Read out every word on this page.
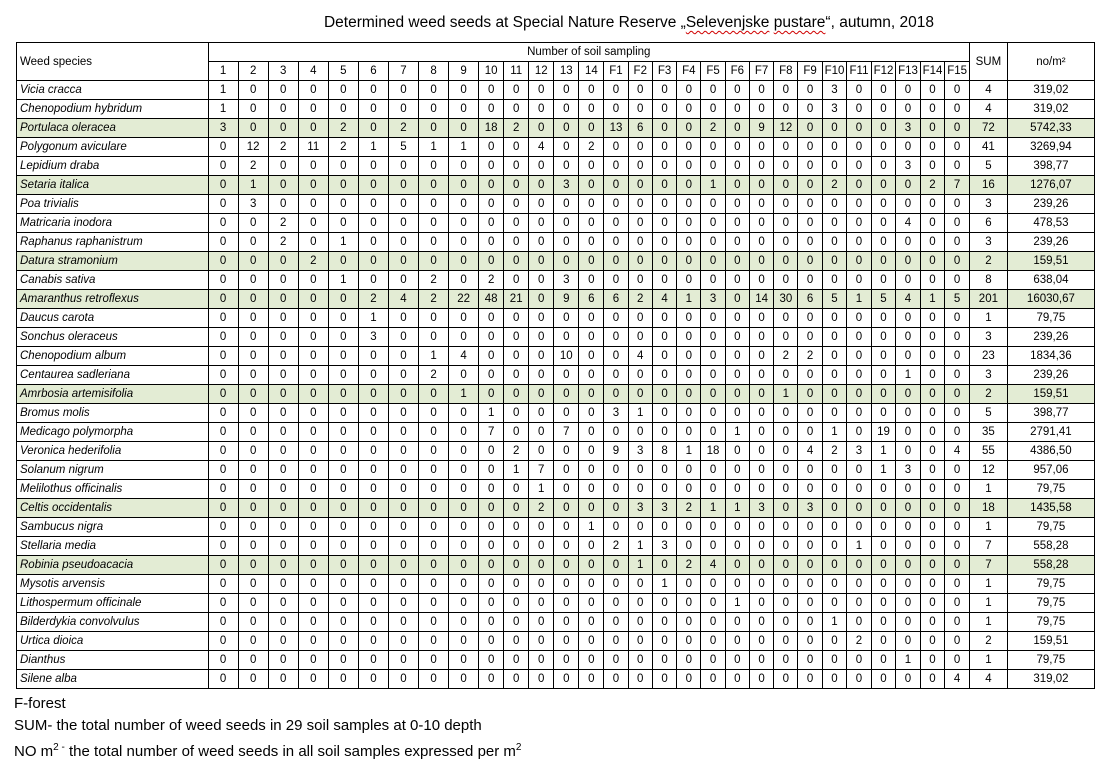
Determined weed seeds at Special Nature Reserve „Selevenjske pustare“, autumn, 2018
Weed species	Number of soil sampling																													SUM	no/m²
	1	2	3	4	5	6	7	8	9	10	11	12	13	14	F1	F2	F3	F4	F5	F6	F7	F8	F9	F10	F11	F12	F13	F14	F15		
Vicia cracca	1	0	0	0	0	0	0	0	0	0	0	0	0	0	0	0	0	0	0	0	0	0	0	3	0	0	0	0	0	4	319,02
Chenopodium hybridum	1	0	0	0	0	0	0	0	0	0	0	0	0	0	0	0	0	0	0	0	0	0	0	3	0	0	0	0	0	4	319,02
Portulaca oleracea	3	0	0	0	2	0	2	0	0	18	2	0	0	0	13	6	0	0	2	0	9	12	0	0	0	0	3	0	0	72	5742,33
Polygonum aviculare	0	12	2	11	2	1	5	1	1	0	0	4	0	2	0	0	0	0	0	0	0	0	0	0	0	0	0	0	0	41	3269,94
Lepidium draba	0	2	0	0	0	0	0	0	0	0	0	0	0	0	0	0	0	0	0	0	0	0	0	0	0	0	3	0	0	5	398,77
Setaria italica	0	1	0	0	0	0	0	0	0	0	0	0	3	0	0	0	0	0	1	0	0	0	0	2	0	0	0	2	7	16	1276,07
Poa trivialis	0	3	0	0	0	0	0	0	0	0	0	0	0	0	0	0	0	0	0	0	0	0	0	0	0	0	0	0	0	3	239,26
Matricaria inodora	0	0	2	0	0	0	0	0	0	0	0	0	0	0	0	0	0	0	0	0	0	0	0	0	0	0	4	0	0	6	478,53
Raphanus raphanistrum	0	0	2	0	1	0	0	0	0	0	0	0	0	0	0	0	0	0	0	0	0	0	0	0	0	0	0	0	0	3	239,26
Datura stramonium	0	0	0	2	0	0	0	0	0	0	0	0	0	0	0	0	0	0	0	0	0	0	0	0	0	0	0	0	0	2	159,51
Canabis sativa	0	0	0	0	1	0	0	2	0	2	0	0	3	0	0	0	0	0	0	0	0	0	0	0	0	0	0	0	0	8	638,04
Amaranthus retroflexus	0	0	0	0	0	2	4	2	22	48	21	0	9	6	6	2	4	1	3	0	14	30	6	5	1	5	4	1	5	201	16030,67
Daucus carota	0	0	0	0	0	1	0	0	0	0	0	0	0	0	0	0	0	0	0	0	0	0	0	0	0	0	0	0	0	1	79,75
Sonchus oleraceus	0	0	0	0	0	3	0	0	0	0	0	0	0	0	0	0	0	0	0	0	0	0	0	0	0	0	0	0	0	3	239,26
Chenopodium album	0	0	0	0	0	0	0	1	4	0	0	0	10	0	0	4	0	0	0	0	0	2	2	0	0	0	0	0	0	23	1834,36
Centaurea sadleriana	0	0	0	0	0	0	0	2	0	0	0	0	0	0	0	0	0	0	0	0	0	0	0	0	0	0	1	0	0	3	239,26
Amrbosia artemisifolia	0	0	0	0	0	0	0	0	1	0	0	0	0	0	0	0	0	0	0	0	0	1	0	0	0	0	0	0	0	2	159,51
Bromus molis	0	0	0	0	0	0	0	0	0	1	0	0	0	0	3	1	0	0	0	0	0	0	0	0	0	0	0	0	0	5	398,77
Medicago polymorpha	0	0	0	0	0	0	0	0	0	7	0	0	7	0	0	0	0	0	0	1	0	0	0	1	0	19	0	0	0	35	2791,41
Veronica hederifolia	0	0	0	0	0	0	0	0	0	0	2	0	0	0	9	3	8	1	18	0	0	0	4	2	3	1	0	0	4	55	4386,50
Solanum nigrum	0	0	0	0	0	0	0	0	0	0	1	7	0	0	0	0	0	0	0	0	0	0	0	0	0	1	3	0	0	12	957,06
Melilothus officinalis	0	0	0	0	0	0	0	0	0	0	0	1	0	0	0	0	0	0	0	0	0	0	0	0	0	0	0	0	0	1	79,75
Celtis occidentalis	0	0	0	0	0	0	0	0	0	0	0	2	0	0	0	3	3	2	1	1	3	0	3	0	0	0	0	0	0	18	1435,58
Sambucus nigra	0	0	0	0	0	0	0	0	0	0	0	0	0	1	0	0	0	0	0	0	0	0	0	0	0	0	0	0	0	1	79,75
Stellaria media	0	0	0	0	0	0	0	0	0	0	0	0	0	0	2	1	3	0	0	0	0	0	0	0	1	0	0	0	0	7	558,28
Robinia pseudoacacia	0	0	0	0	0	0	0	0	0	0	0	0	0	0	0	1	0	2	4	0	0	0	0	0	0	0	0	0	0	7	558,28
Mysotis arvensis	0	0	0	0	0	0	0	0	0	0	0	0	0	0	0	0	1	0	0	0	0	0	0	0	0	0	0	0	0	1	79,75
Lithospermum officinale	0	0	0	0	0	0	0	0	0	0	0	0	0	0	0	0	0	0	0	1	0	0	0	0	0	0	0	0	0	1	79,75
Bilderdykia convolvulus	0	0	0	0	0	0	0	0	0	0	0	0	0	0	0	0	0	0	0	0	0	0	0	1	0	0	0	0	0	1	79,75
Urtica dioica	0	0	0	0	0	0	0	0	0	0	0	0	0	0	0	0	0	0	0	0	0	0	0	0	2	0	0	0	0	2	159,51
Dianthus	0	0	0	0	0	0	0	0	0	0	0	0	0	0	0	0	0	0	0	0	0	0	0	0	0	0	1	0	0	1	79,75
Silene alba	0	0	0	0	0	0	0	0	0	0	0	0	0	0	0	0	0	0	0	0	0	0	0	0	0	0	0	0	4	4	319,02
F-forest
SUM- the total number of weed seeds in 29 soil samples at 0-10 depth
NO $m^{2 -}$ the total number of weed seeds in all soil samples expressed per $m^2$
